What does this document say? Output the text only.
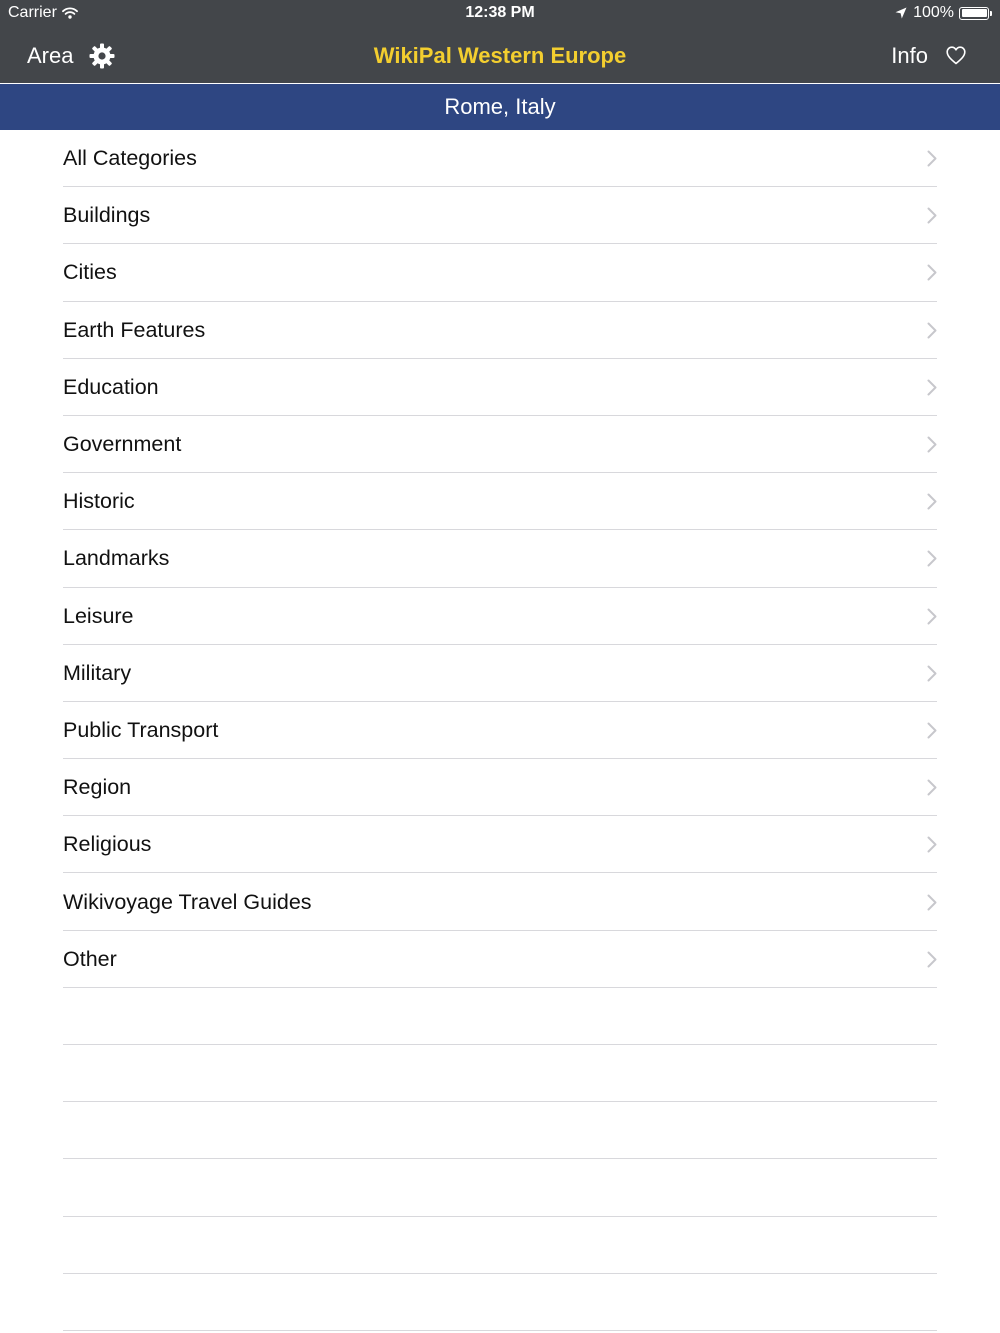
Carrier	12:38 PM	100%
Area	WikiPal Western Europe	Info
Rome, Italy
All Categories
Buildings
Cities
Earth Features
Education
Government
Historic
Landmarks
Leisure
Military
Public Transport
Region
Religious
Wikivoyage Travel Guides
Other
